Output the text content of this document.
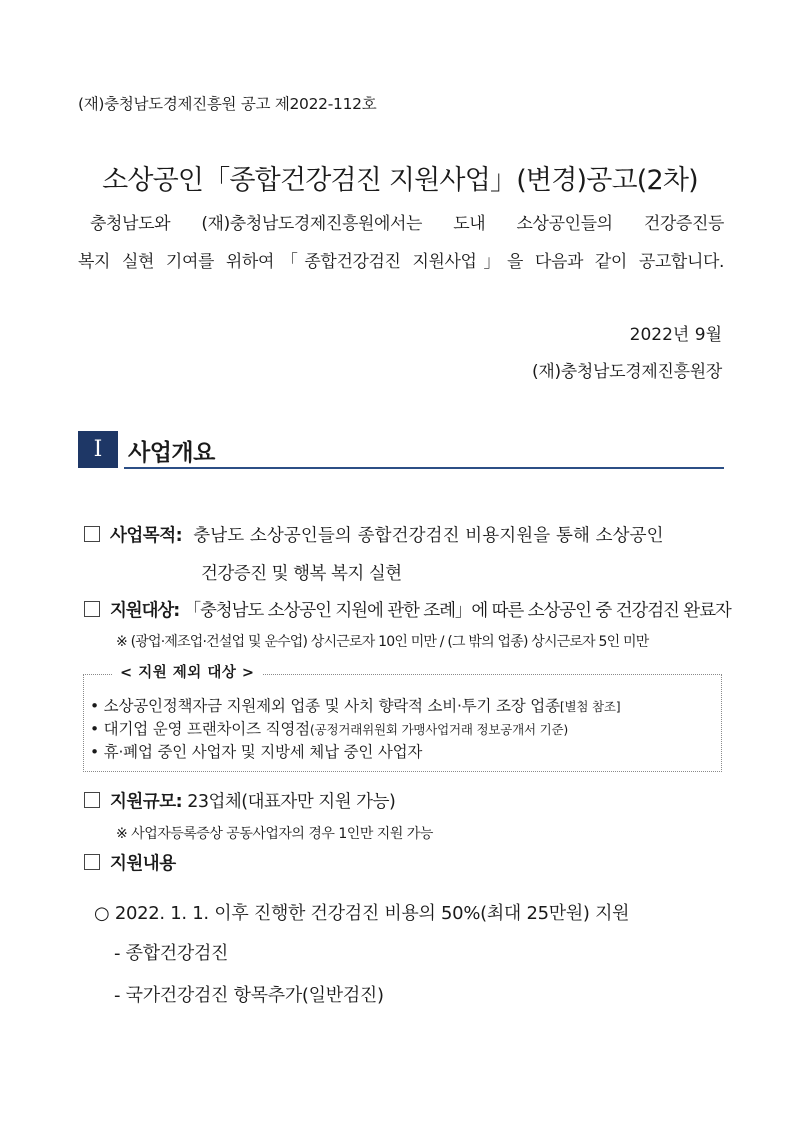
(재)충청남도경제진흥원 공고 제2022-112호
소상공인「종합건강검진 지원사업」(변경)공고(2차)
충청남도와 (재)충청남도경제진흥원에서는 도내 소상공인들의 건강증진등
복지 실현 기여를 위하여「종합건강검진 지원사업」을 다음과 같이 공고합니다.
2022년 9월
(재)충청남도경제진흥원장
I	사업개요
사업목적: 충남도 소상공인들의 종합건강검진 비용지원을 통해 소상공인
건강증진 및 행복 복지 실현
지원대상: 「충청남도 소상공인 지원에 관한 조례」에 따른 소상공인 중 건강검진 완료자
※ (광업·제조업·건설업 및 운수업) 상시근로자 10인 미만 / (그 밖의 업종) 상시근로자 5인 미만
< 지원 제외 대상 >
• 소상공인정책자금 지원제외 업종 및 사치 향락적 소비·투기 조장 업종[별첨 참조]
• 대기업 운영 프랜차이즈 직영점(공정거래위원회 가맹사업거래 정보공개서 기준)
• 휴·폐업 중인 사업자 및 지방세 체납 중인 사업자
지원규모: 23업체(대표자만 지원 가능)
※ 사업자등록증상 공동사업자의 경우 1인만 지원 가능
지원내용
○ 2022. 1. 1. 이후 진행한 건강검진 비용의 50%(최대 25만원) 지원
- 종합건강검진
- 국가건강검진 항목추가(일반검진)
